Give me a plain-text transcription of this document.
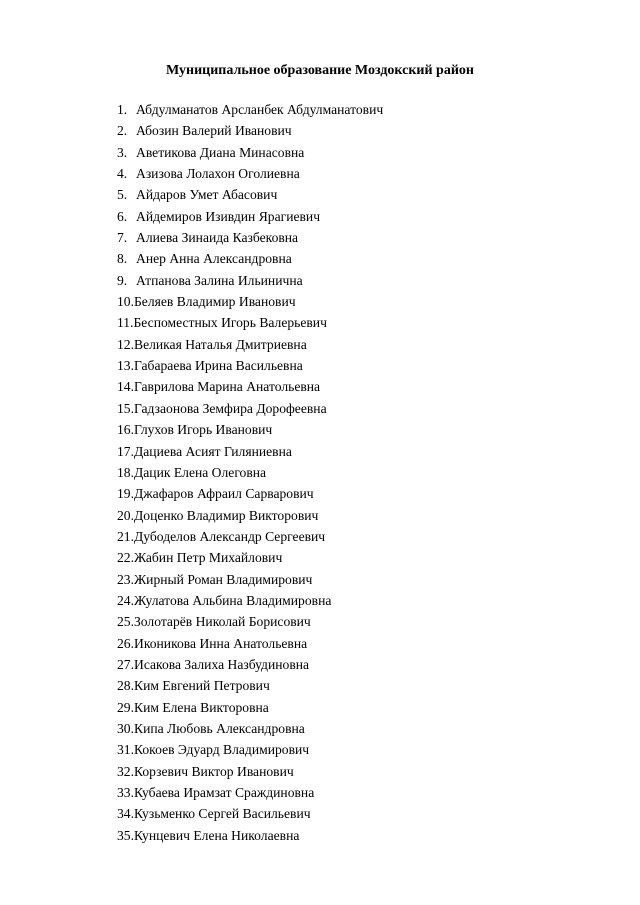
Муниципальное образование Моздокский район
1. Абдулманатов Арсланбек Абдулманатович
2. Абозин Валерий Иванович
3. Аветикова Диана Минасовна
4. Азизова Лолахон Оголиевна
5. Айдаров Умет Абасович
6. Айдемиров Изивдин Ярагиевич
7. Алиева Зинаида Казбековна
8. Анер Анна Александровна
9. Атпанова Залина Ильинична
10. Беляев Владимир Иванович
11. Беспоместных Игорь Валерьевич
12. Великая Наталья Дмитриевна
13. Габараева Ирина Васильевна
14. Гаврилова Марина Анатольевна
15. Гадзаонова Земфира Дорофеевна
16. Глухов Игорь Иванович
17. Дациева Асият Гиляниевна
18. Дацик Елена Олеговна
19. Джафаров Афраил Сарварович
20. Доценко Владимир Викторович
21. Дубоделов Александр Сергеевич
22. Жабин Петр Михайлович
23. Жирный Роман Владимирович
24. Жулатова Альбина Владимировна
25. Золотарёв Николай Борисович
26. Иконикова Инна Анатольевна
27. Исакова Залиха Назбудиновна
28. Ким Евгений Петрович
29. Ким Елена Викторовна
30. Кипа Любовь Александровна
31. Кокоев Эдуард Владимирович
32. Корзевич Виктор Иванович
33. Кубаева Ирамзат Сраждиновна
34. Кузьменко Сергей Васильевич
35. Кунцевич Елена Николаевна
